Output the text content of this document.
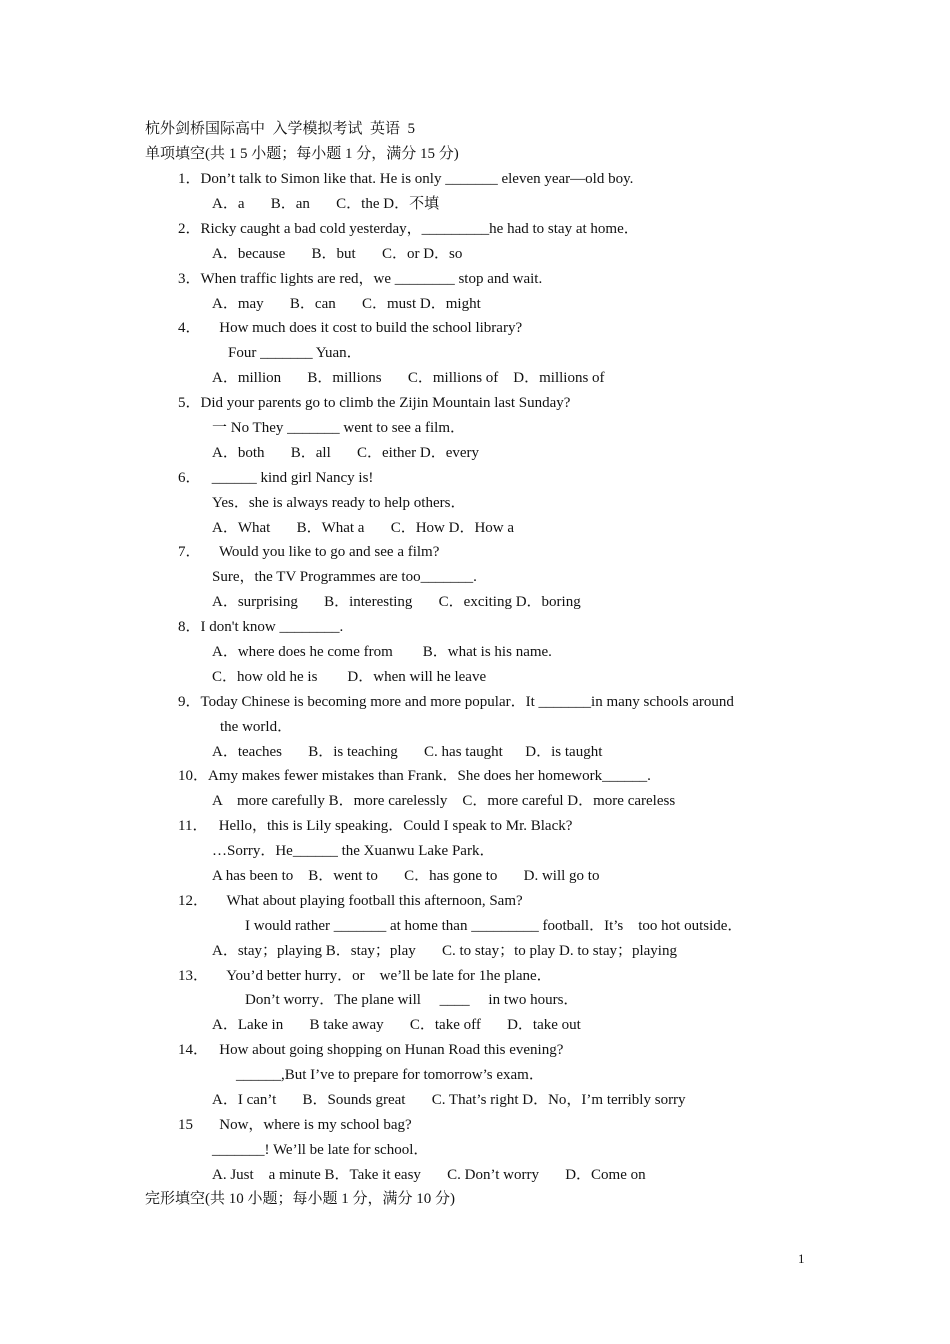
杭外剑桥国际高中  入学模拟考试  英语  5
单项填空(共 1 5 小题；每小题 1 分，满分 15 分)
1．Don’t talk to Simon like that. He is only _______ eleven year—old boy.
A．a       B．an       C．the D．不填
2．Ricky caught a bad cold yesterday，_________he had to stay at home．
A．because       B．but       C．or D．so
3．When traffic lights are red，we ________ stop and wait.
A．may       B．can       C．must D．might
4．     How much does it cost to build the school library?
Four _______ Yuan．
A．million       B．millions       C．millions of    D．millions of
5．Did your parents go to climb the Zijin Mountain last Sunday?
一 No They _______ went to see a film．
A．both       B．all       C．either D．every
6．   ______ kind girl Nancy is!
Yes．she is always ready to help others．
A．What       B．What a       C．How D．How a
7．     Would you like to go and see a film?
Sure，the TV Programmes are too_______.
A．surprising       B．interesting       C．exciting D．boring
8．I don't know ________.
A．where does he come from        B．what is his name.
C．how old he is        D．when will he leave
9．Today Chinese is becoming more and more popular．It _______in many schools around
the world．
A．teaches       B．is teaching       C. has taught      D．is taught
10．Amy makes fewer mistakes than Frank．She does her homework______.
A    more carefully B．more carelessly    C．more careful D．more careless
11．   Hello，this is Lily speaking．Could I speak to Mr. Black?
…Sorry．He______ the Xuanwu Lake Park．
A has been to    B．went to       C．has gone to       D. will go to
12．     What about playing football this afternoon, Sam?
I would rather _______ at home than _________ football．It’s    too hot outside．
A．stay；playing B．stay；play       C. to stay；to play D. to stay；playing
13．     You’d better hurry．or    we’ll be late for 1he plane．
Don’t worry．The plane will     ____     in two hours．
A．Lake in       B take away       C．take off       D．take out
14．   How about going shopping on Hunan Road this evening?
______,But I’ve to prepare for tomorrow’s exam．
A．I can’t       B．Sounds great       C. That’s right D．No，I’m terribly sorry
15       Now，where is my school bag?
_______! We’ll be late for school．
A. Just    a minute B．Take it easy       C. Don’t worry       D．Come on
完形填空(共 10 小题；每小题 1 分，满分 10 分)
1
